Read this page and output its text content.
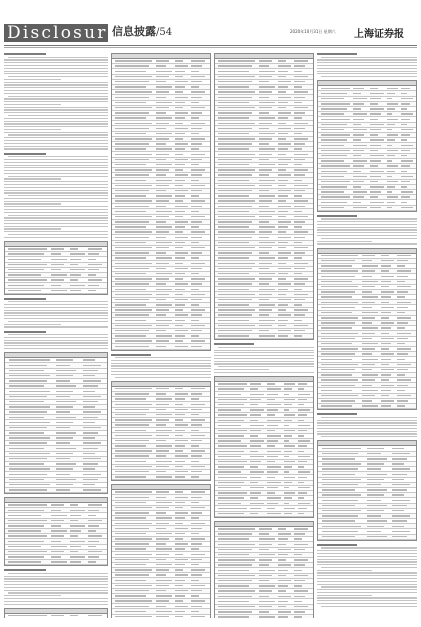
Disclosure
信息披露/54	2020年10月31日 星期六 上海证券报
